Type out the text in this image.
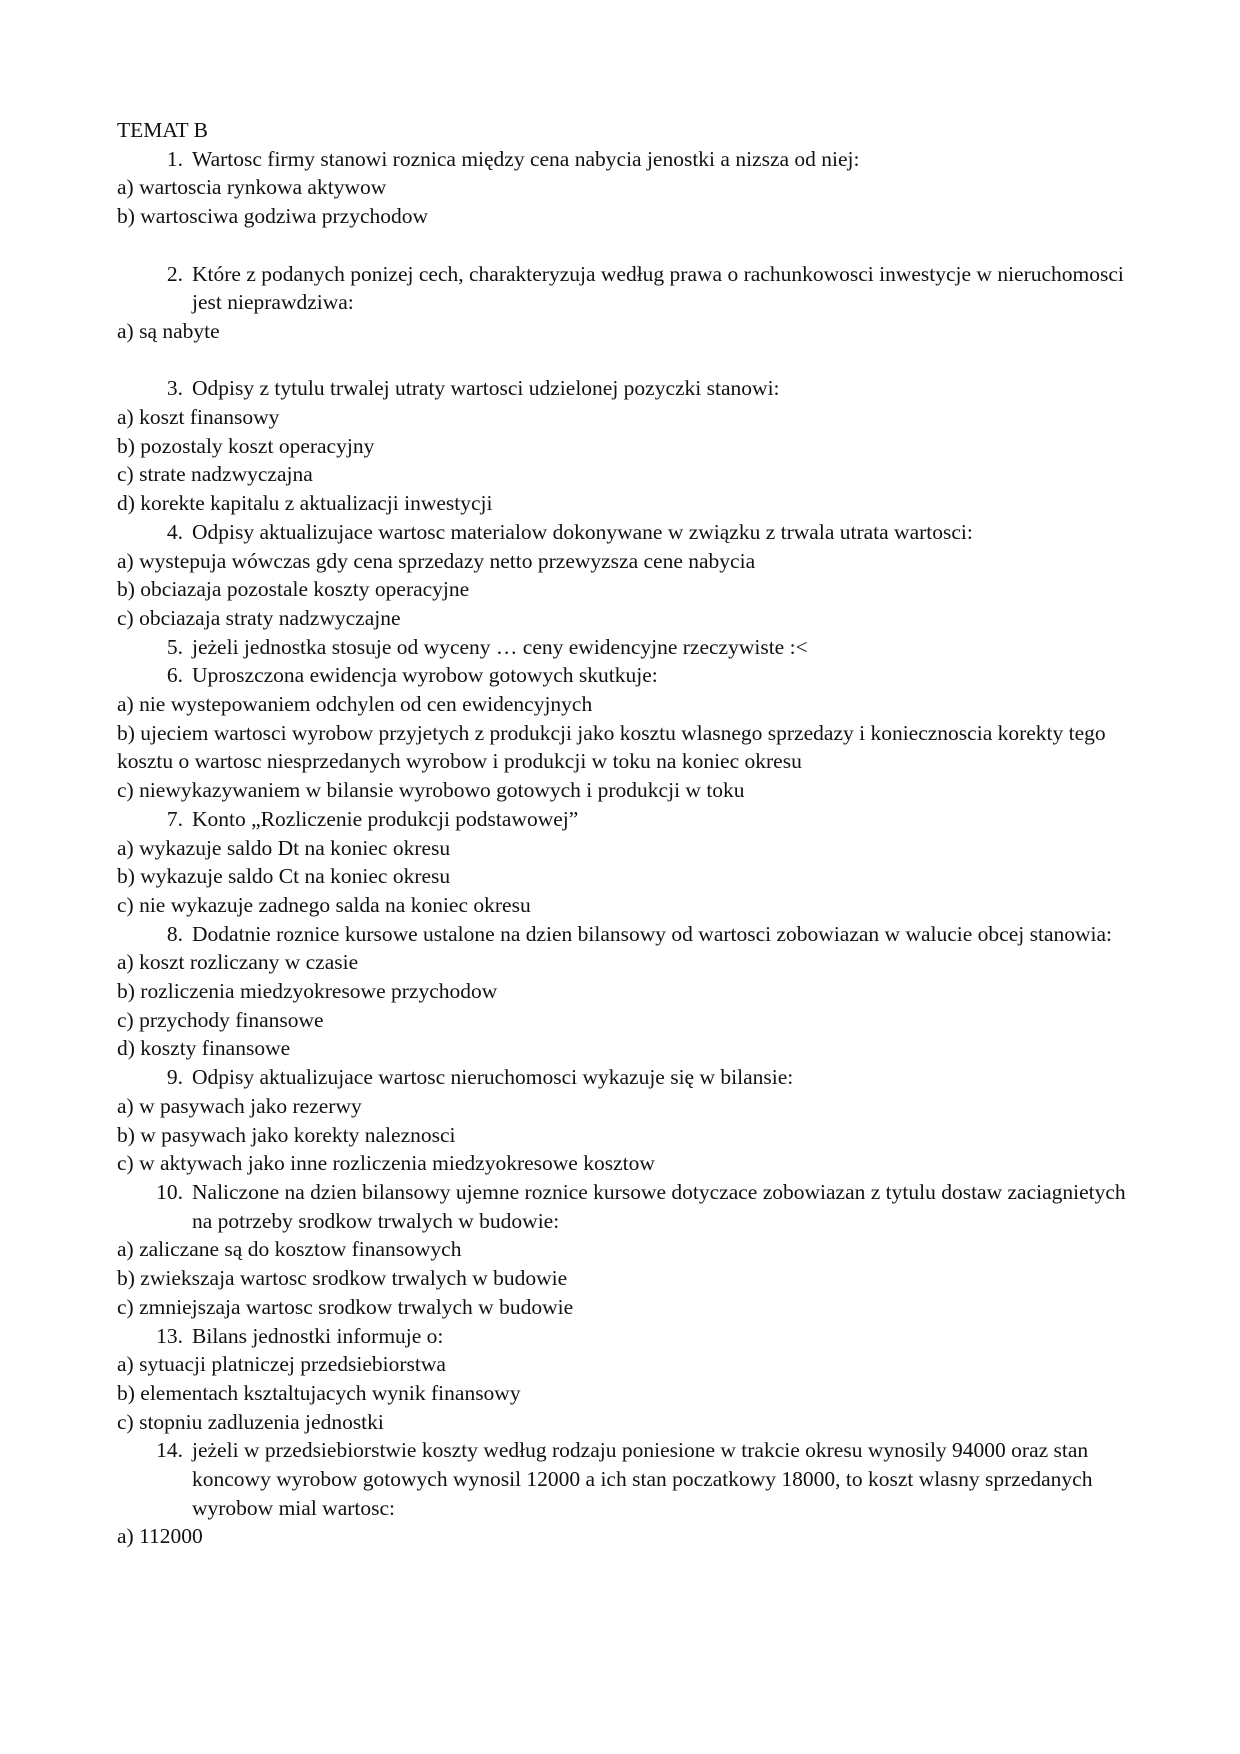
TEMAT B

1. Wartosc firmy stanowi roznica między cena nabycia jenostki a nizsza od niej:

a) wartoscia rynkowa aktywow

b) wartosciwa godziwa przychodow

2. Które z podanych ponizej cech, charakteryzuja według prawa o rachunkowosci inwestycje w nieruchomosci jest nieprawdziwa:

a) są nabyte

3. Odpisy z tytulu trwalej utraty wartosci udzielonej pozyczki stanowi:

a) koszt finansowy

b) pozostaly koszt operacyjny

c) strate nadzwyczajna

d) korekte kapitalu z aktualizacji inwestycji

4. Odpisy aktualizujace wartosc materialow dokonywane w związku z trwala utrata wartosci:

a) wystepuja wówczas gdy cena sprzedazy netto przewyzsza cene nabycia

b) obciazaja pozostale koszty operacyjne

c) obciazaja straty nadzwyczajne

5. jeżeli jednostka stosuje od wyceny … ceny ewidencyjne rzeczywiste :<
6. Uproszczona ewidencja wyrobow gotowych skutkuje:

a) nie wystepowaniem odchylen od cen ewidencyjnych

b) ujeciem wartosci wyrobow przyjetych z produkcji jako kosztu wlasnego sprzedazy i koniecznoscia korekty tego kosztu o wartosc niesprzedanych wyrobow i produkcji w toku na koniec okresu

c) niewykazywaniem w bilansie wyrobowo gotowych i produkcji w toku

7. Konto „Rozliczenie produkcji podstawowej”

a) wykazuje saldo Dt na koniec okresu

b) wykazuje saldo Ct na koniec okresu

c) nie wykazuje zadnego salda na koniec okresu

8. Dodatnie roznice kursowe ustalone na dzien bilansowy od wartosci zobowiazan w walucie obcej stanowia:

a) koszt rozliczany w czasie

b) rozliczenia miedzyokresowe przychodow

c) przychody finansowe

d) koszty finansowe

9. Odpisy aktualizujace wartosc nieruchomosci wykazuje się w bilansie:

a) w pasywach jako rezerwy

b) w pasywach jako korekty naleznosci

c) w aktywach jako inne rozliczenia miedzyokresowe kosztow

10. Naliczone na dzien bilansowy ujemne roznice kursowe dotyczace zobowiazan z tytulu dostaw zaciagnietych na potrzeby srodkow trwalych w budowie:

a) zaliczane są do kosztow finansowych

b) zwiekszaja wartosc srodkow trwalych w budowie

c) zmniejszaja wartosc srodkow trwalych w budowie

13. Bilans jednostki informuje o:

a) sytuacji platniczej przedsiebiorstwa

b) elementach ksztaltujacych wynik finansowy

c) stopniu zadluzenia jednostki

14. jeżeli w przedsiebiorstwie koszty według rodzaju poniesione w trakcie okresu wynosily 94000 oraz stan koncowy wyrobow gotowych wynosil 12000 a ich stan poczatkowy 18000, to koszt wlasny sprzedanych wyrobow mial wartosc:

a) 112000
